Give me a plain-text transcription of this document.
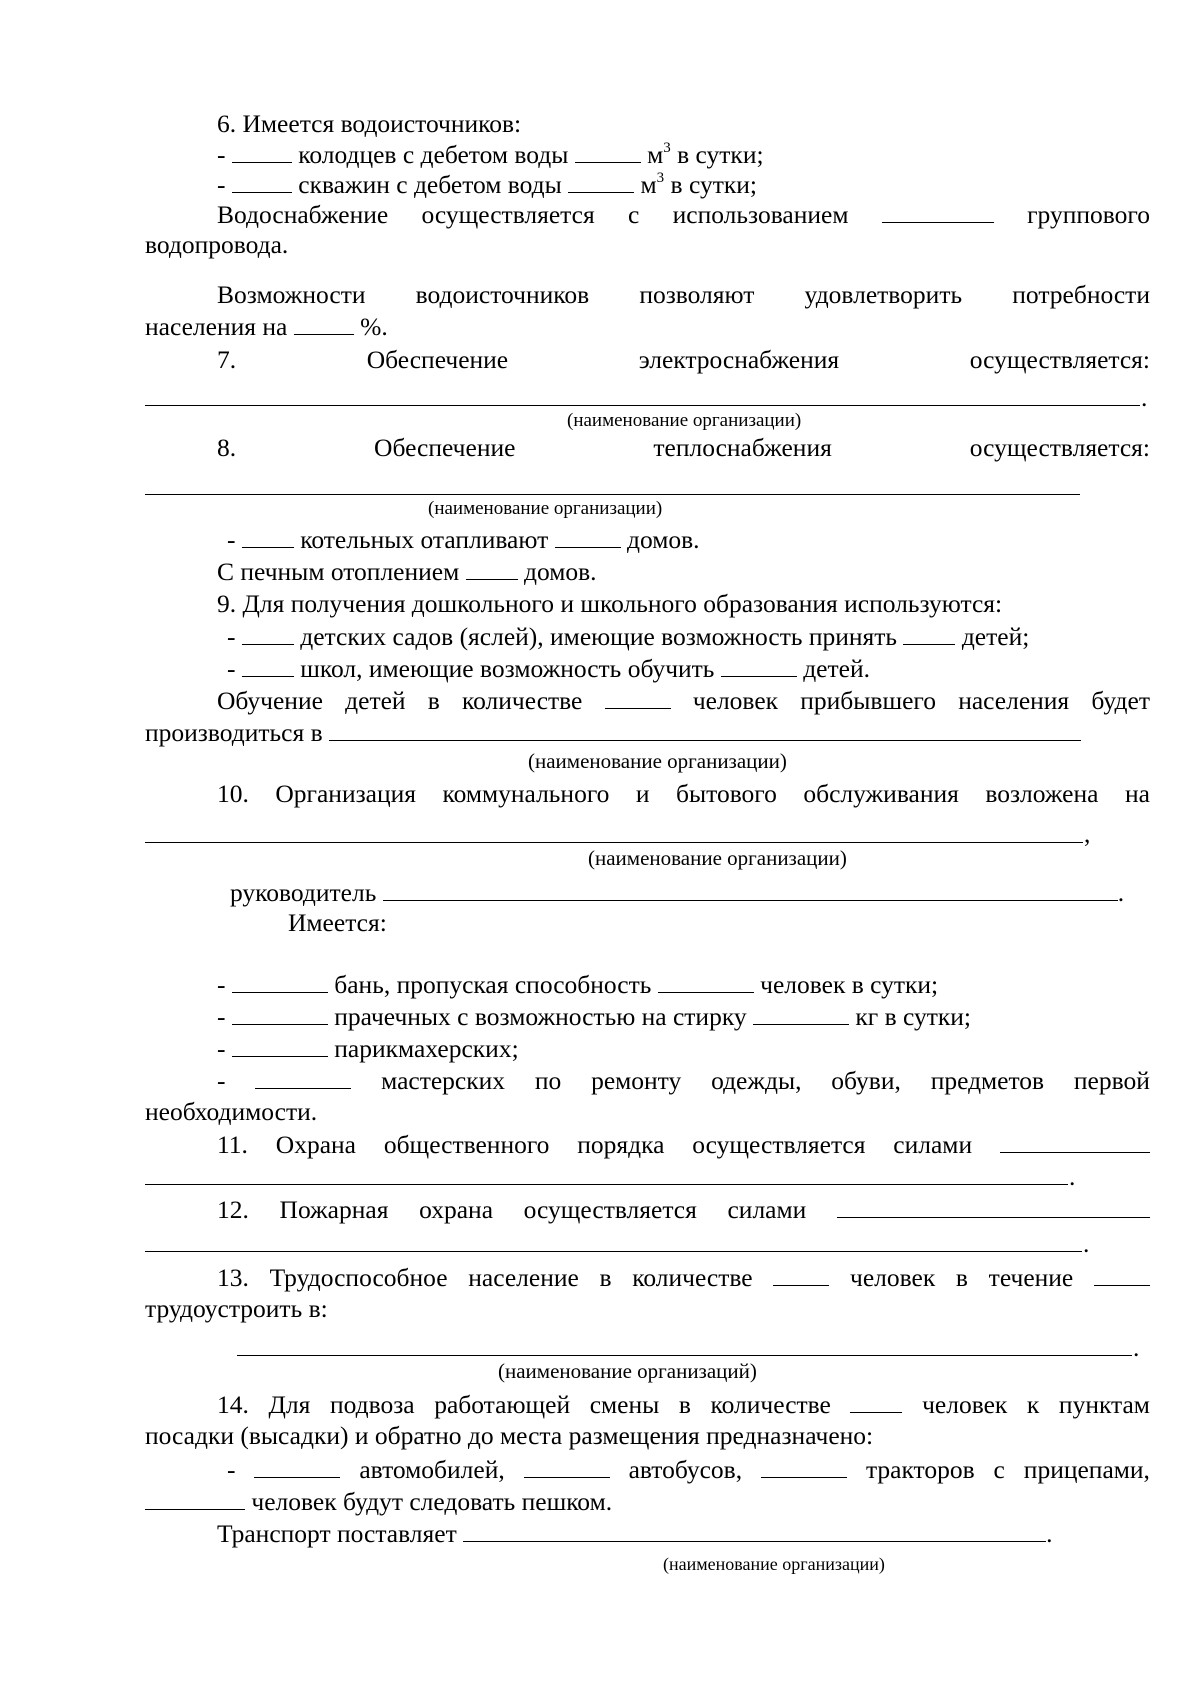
6. Имеется водоисточников:
-	колодцев с дебетом воды	$м^3$ в сутки;
-	скважин с дебетом воды	$м^3$ в сутки;
Водоснабжение осуществляется с использованием	группового
водопровода.
Возможности водоисточников позволяют удовлетворить потребности
населения на	%.
7.	Обеспечение	электроснабжения	осуществляется:
.
(наименование организации)
8.	Обеспечение	теплоснабжения	осуществляется:
(наименование организации)
-	котельных отапливают	домов.
С печным отоплением	домов.
9. Для получения дошкольного и школьного образования используются:
-	детских садов (яслей), имеющие возможность принять	детей;
-	школ, имеющие возможность обучить	детей.
Обучение детей в количестве	человек прибывшего населения будет
производиться в
(наименование организации)
10. Организация коммунального и бытового обслуживания возложена на
,
(наименование организации)
руководитель	.
Имеется:
-	бань, пропуская способность	человек в сутки;
-	прачечных с возможностью на стирку	кг в сутки;
-	парикмахерских;
-	мастерских по ремонту одежды, обуви, предметов первой
необходимости.
11. Охрана общественного порядка осуществляется силами
.
12. Пожарная охрана осуществляется силами
.
13. Трудоспособное население в количестве	человек в течение
трудоустроить в:
.
(наименование организаций)
14. Для подвоза работающей смены в количестве	человек к пунктам
посадки (высадки) и обратно до места размещения предназначено:
-	автомобилей,	автобусов,	тракторов с прицепами,
человек будут следовать пешком.
Транспорт поставляет	.
(наименование организации)
